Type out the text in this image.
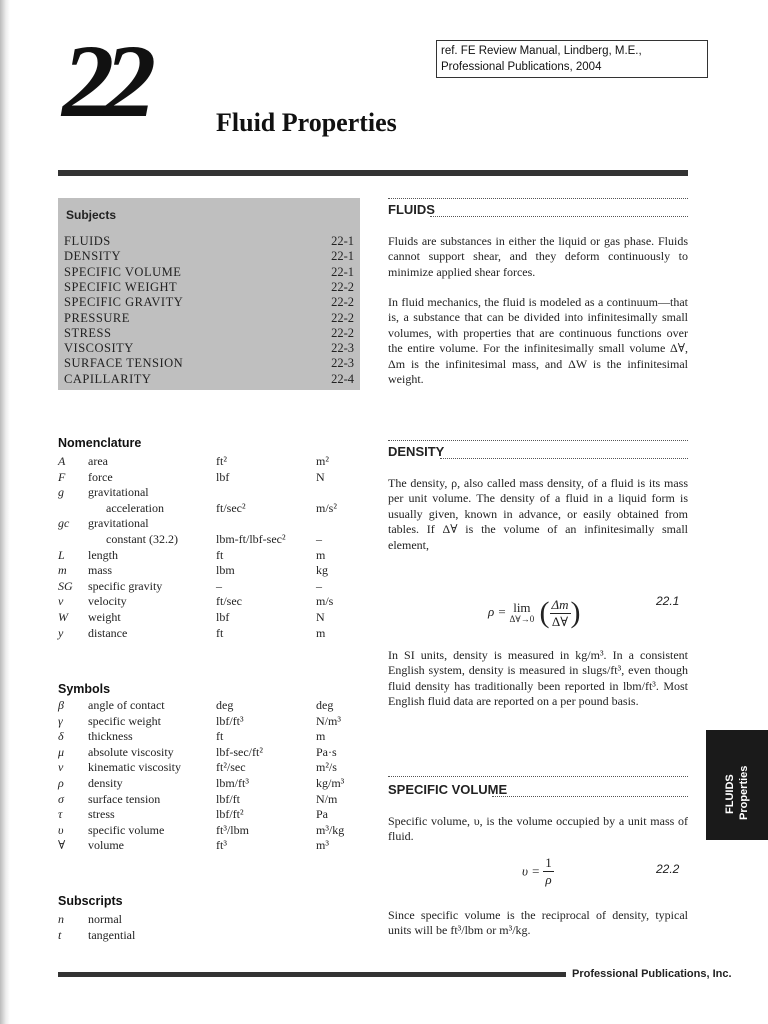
ref. FE Review Manual, Lindberg, M.E., Professional Publications, 2004
22	Fluid Properties
Subjects
FLUIDS	22-1
DENSITY	22-1
SPECIFIC VOLUME	22-1
SPECIFIC WEIGHT	22-2
SPECIFIC GRAVITY	22-2
PRESSURE	22-2
STRESS	22-2
VISCOSITY	22-3
SURFACE TENSION	22-3
CAPILLARITY	22-4
Nomenclature
A area	ft²	m²
F force	lbf	N
g gravitational
acceleration	ft/sec²	m/s²
gc gravitational
constant (32.2)	lbm-ft/lbf-sec²	–
L length	ft	m
m mass	lbm	kg
SG specific gravity	–	–
v velocity	ft/sec	m/s
W weight	lbf	N
y distance	ft	m
Symbols
β angle of contact	deg	deg
γ specific weight	lbf/ft³	N/m³
δ thickness	ft	m
μ absolute viscosity	lbf-sec/ft²	Pa·s
ν kinematic viscosity	ft²/sec	m²/s
ρ density	lbm/ft³	kg/m³
σ surface tension	lbf/ft	N/m
τ stress	lbf/ft²	Pa
υ specific volume	ft³/lbm	m³/kg
∀ volume	ft³	m³
Subscripts
n normal
t tangential
FLUIDS
Fluids are substances in either the liquid or gas phase. Fluids cannot support shear, and they deform continuously to minimize applied shear forces.
In fluid mechanics, the fluid is modeled as a continuum—that is, a substance that can be divided into infinitesimally small volumes, with properties that are continuous functions over the entire volume. For the infinitesimally small volume Δ∀, Δm is the infinitesimal mass, and ΔW is the infinitesimal weight.
DENSITY
The density, ρ, also called mass density, of a fluid is its mass per unit volume. The density of a fluid in a liquid form is usually given, known in advance, or easily obtained from tables. If Δ∀ is the volume of an infinitesimally small element,
ρ = lim
Δ∀→0 ( $\frac{\Delta m}{\Delta\forall}$ )	22.1
In SI units, density is measured in kg/m³. In a consistent English system, density is measured in slugs/ft³, even though fluid density has traditionally been reported in lbm/ft³. Most English fluid data are reported on a per pound basis.
SPECIFIC VOLUME
Specific volume, υ, is the volume occupied by a unit mass of fluid.
$\upsilon = \frac{1}{\rho}$	22.2
Since specific volume is the reciprocal of density, typical units will be ft³/lbm or m³/kg.
FLUIDS Properties
Professional Publications, Inc.
